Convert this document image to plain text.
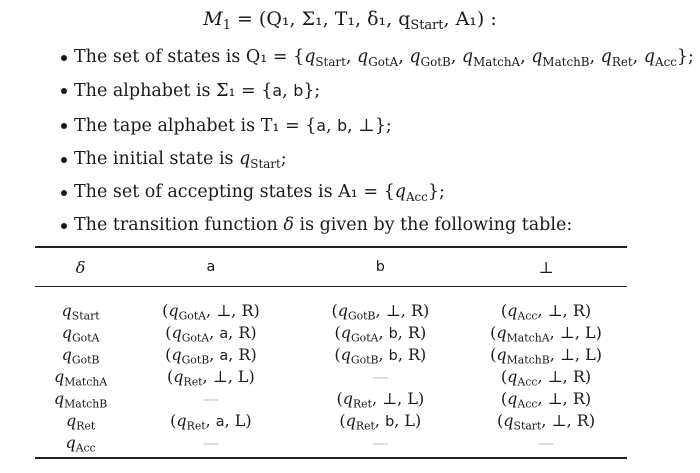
$M_1 = (Q_1$, Σ₁, T₁, δ₁, $q_{Start}$, A₁) :
The set of states is $Q_1 = \{q_{Start}$, $q_{GotA}$, $q_{GotB}$, $q_{MatchA}$, $q_{MatchB}$, $q_{Ret}$, $q_{Acc}$};
The alphabet is Σ₁ = {a, b};
The tape alphabet is T₁ = {a, b, ⊥};
The initial state is $q_{Start}$;
The set of accepting states is $A_1 = \{q_{Acc}\}$;
The transition function δ is given by the following table:
δ	a	b	⊥
$q_{Start}$	($q_{GotA}$, ⊥, R)	($q_{GotB}$, ⊥, R)	($q_{Acc}$, ⊥, R)
$q_{GotA}$	($q_{GotA}$, a, R)	($q_{GotA}$, b, R)	($q_{MatchA}$, ⊥, L)
$q_{GotB}$	($q_{GotB}$, a, R)	($q_{GotB}$, b, R)	($q_{MatchB}$, ⊥, L)
$q_{MatchA}$	($q_{Ret}$, ⊥, L)	—	($q_{Acc}$, ⊥, R)
$q_{MatchB}$	—	($q_{Ret}$, ⊥, L)	($q_{Acc}$, ⊥, R)
$q_{Ret}$	($q_{Ret}$, a, L)	($q_{Ret}$, b, L)	($q_{Start}$, ⊥, R)
$q_{Acc}$	—	—	—
